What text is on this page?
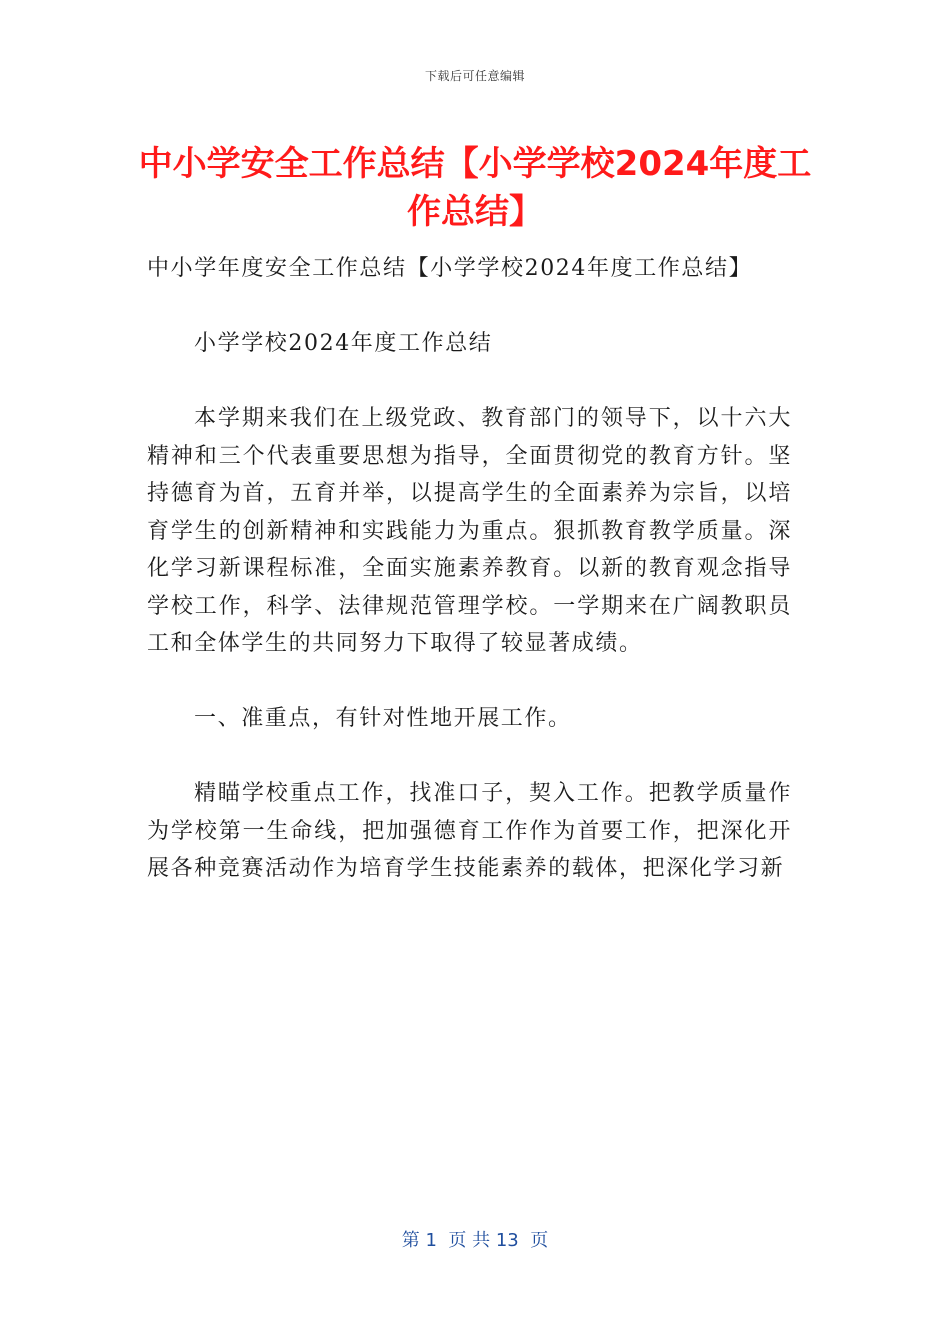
下载后可任意编辑
中小学安全工作总结【小学学校2024年度工作总结】

中小学年度安全工作总结【小学学校2024年度工作总结】

小学学校2024年度工作总结

本学期来我们在上级党政、教育部门的领导下，以十六大精神和三个代表重要思想为指导，全面贯彻党的教育方针。坚持德育为首，五育并举，以提高学生的全面素养为宗旨，以培育学生的创新精神和实践能力为重点。狠抓教育教学质量。深化学习新课程标准，全面实施素养教育。以新的教育观念指导学校工作，科学、法律规范管理学校。一学期来在广阔教职员工和全体学生的共同努力下取得了较显著成绩。

一、准重点，有针对性地开展工作。

精瞄学校重点工作，找准口子，契入工作。把教学质量作为学校第一生命线，把加强德育工作作为首要工作，把深化开展各种竞赛活动作为培育学生技能素养的载体，把深化学习新

第 1  页 共 13  页
